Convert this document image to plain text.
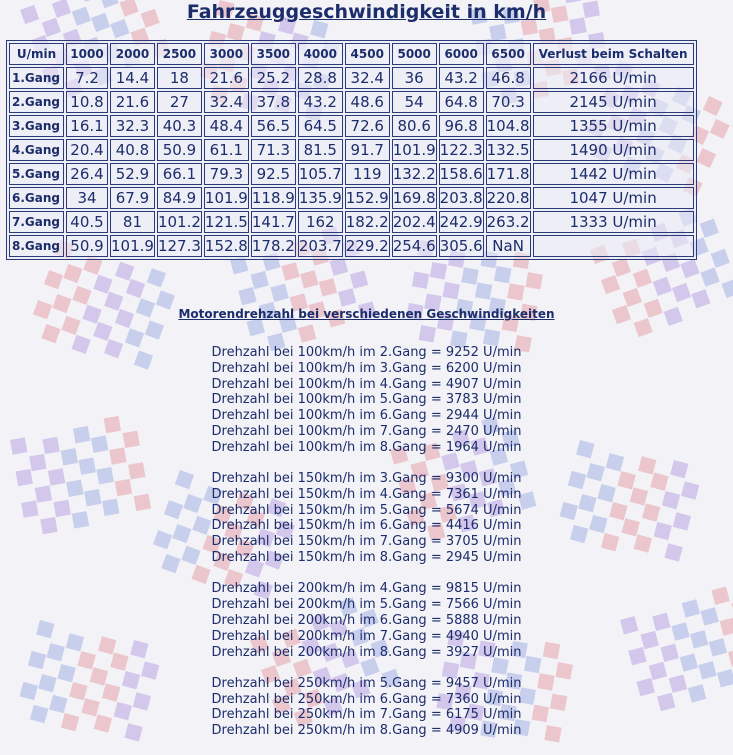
Fahrzeuggeschwindigkeit in km/h
U/min	1000	2000	2500	3000	3500	4000	4500	5000	6000	6500	Verlust beim Schalten
1.Gang	7.2	14.4	18	21.6	25.2	28.8	32.4	36	43.2	46.8	2166 U/min
2.Gang	10.8	21.6	27	32.4	37.8	43.2	48.6	54	64.8	70.3	2145 U/min
3.Gang	16.1	32.3	40.3	48.4	56.5	64.5	72.6	80.6	96.8	104.8	1355 U/min
4.Gang	20.4	40.8	50.9	61.1	71.3	81.5	91.7	101.9	122.3	132.5	1490 U/min
5.Gang	26.4	52.9	66.1	79.3	92.5	105.7	119	132.2	158.6	171.8	1442 U/min
6.Gang	34	67.9	84.9	101.9	118.9	135.9	152.9	169.8	203.8	220.8	1047 U/min
7.Gang	40.5	81	101.2	121.5	141.7	162	182.2	202.4	242.9	263.2	1333 U/min
8.Gang	50.9	101.9	127.3	152.8	178.2	203.7	229.2	254.6	305.6	NaN	
Motorendrehzahl bei verschiedenen Geschwindigkeiten
Drehzahl bei 100km/h im 2.Gang = 9252 U/min
Drehzahl bei 100km/h im 3.Gang = 6200 U/min
Drehzahl bei 100km/h im 4.Gang = 4907 U/min
Drehzahl bei 100km/h im 5.Gang = 3783 U/min
Drehzahl bei 100km/h im 6.Gang = 2944 U/min
Drehzahl bei 100km/h im 7.Gang = 2470 U/min
Drehzahl bei 100km/h im 8.Gang = 1964 U/min
Drehzahl bei 150km/h im 3.Gang = 9300 U/min
Drehzahl bei 150km/h im 4.Gang = 7361 U/min
Drehzahl bei 150km/h im 5.Gang = 5674 U/min
Drehzahl bei 150km/h im 6.Gang = 4416 U/min
Drehzahl bei 150km/h im 7.Gang = 3705 U/min
Drehzahl bei 150km/h im 8.Gang = 2945 U/min
Drehzahl bei 200km/h im 4.Gang = 9815 U/min
Drehzahl bei 200km/h im 5.Gang = 7566 U/min
Drehzahl bei 200km/h im 6.Gang = 5888 U/min
Drehzahl bei 200km/h im 7.Gang = 4940 U/min
Drehzahl bei 200km/h im 8.Gang = 3927 U/min
Drehzahl bei 250km/h im 5.Gang = 9457 U/min
Drehzahl bei 250km/h im 6.Gang = 7360 U/min
Drehzahl bei 250km/h im 7.Gang = 6175 U/min
Drehzahl bei 250km/h im 8.Gang = 4909 U/min
